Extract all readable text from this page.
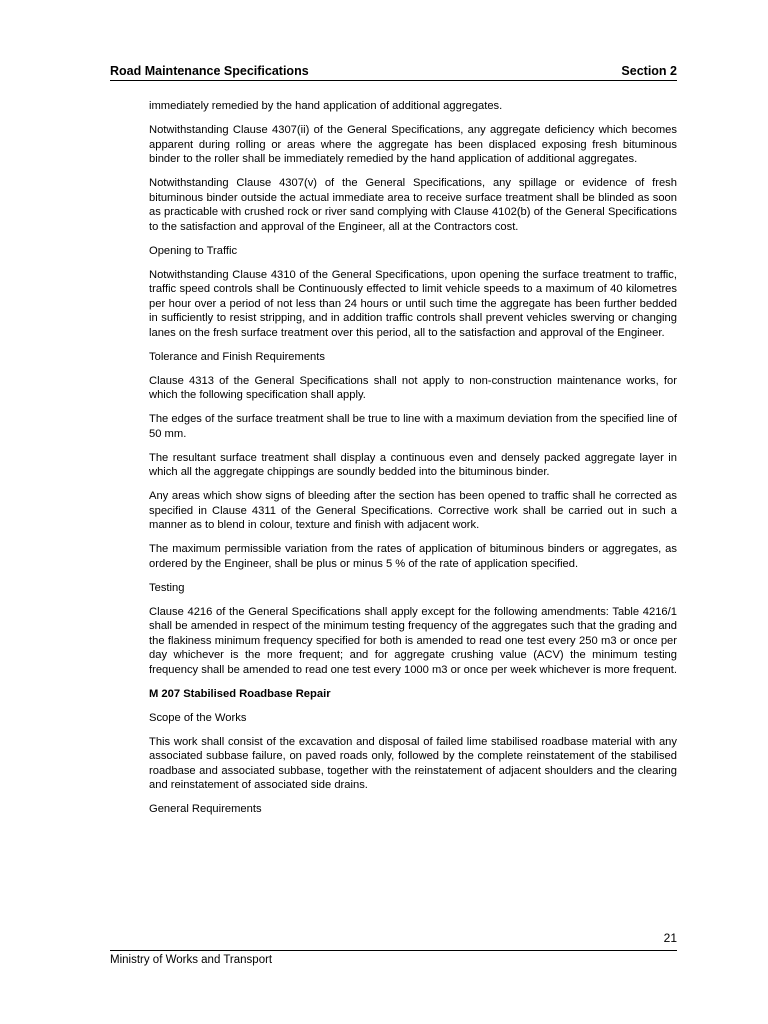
Road Maintenance Specifications	Section 2

immediately remedied by the hand application of additional aggregates.

Notwithstanding Clause 4307(ii) of the General Specifications, any aggregate deficiency which becomes apparent during rolling or areas where the aggregate has been displaced exposing fresh bituminous binder to the roller shall be immediately remedied by the hand application of additional aggregates.

Notwithstanding Clause 4307(v) of the General Specifications, any spillage or evidence of fresh bituminous binder outside the actual immediate area to receive surface treatment shall be blinded as soon as practicable with crushed rock or river sand complying with Clause 4102(b) of the General Specifications to the satisfaction and approval of the Engineer, all at the Contractors cost.

Opening to Traffic

Notwithstanding Clause 4310 of the General Specifications, upon opening the surface treatment to traffic, traffic speed controls shall be Continuously effected to limit vehicle speeds to a maximum of 40 kilometres per hour over a period of not less than 24 hours or until such time the aggregate has been further bedded in sufficiently to resist stripping, and in addition traffic controls shall prevent vehicles swerving or changing lanes on the fresh surface treatment over this period, all to the satisfaction and approval of the Engineer.

Tolerance and Finish Requirements

Clause 4313 of the General Specifications shall not apply to non-construction maintenance works, for which the following specification shall apply.

The edges of the surface treatment shall be true to line with a maximum deviation from the specified line of 50 mm.

The resultant surface treatment shall display a continuous even and densely packed aggregate layer in which all the aggregate chippings are soundly bedded into the bituminous binder.

Any areas which show signs of bleeding after the section has been opened to traffic shall he corrected as specified in Clause 4311 of the General Specifications. Corrective work shall be carried out in such a manner as to blend in colour, texture and finish with adjacent work.

The maximum permissible variation from the rates of application of bituminous binders or aggregates, as ordered by the Engineer, shall be plus or minus 5 % of the rate of application specified.

Testing

Clause 4216 of the General Specifications shall apply except for the following amendments: Table 4216/1 shall be amended in respect of the minimum testing frequency of the aggregates such that the grading and the flakiness minimum frequency specified for both is amended to read one test every 250 m3 or once per day whichever is the more frequent; and for aggregate crushing value (ACV) the minimum testing frequency shall be amended to read one test every 1000 m3 or once per week whichever is more frequent.

M 207 Stabilised Roadbase Repair

Scope of the Works

This work shall consist of the excavation and disposal of failed lime stabilised roadbase material with any associated subbase failure, on paved roads only, followed by the complete reinstatement of the stabilised roadbase and associated subbase, together with the reinstatement of adjacent shoulders and the clearing and reinstatement of associated side drains.

General Requirements

21
Ministry of Works and Transport
